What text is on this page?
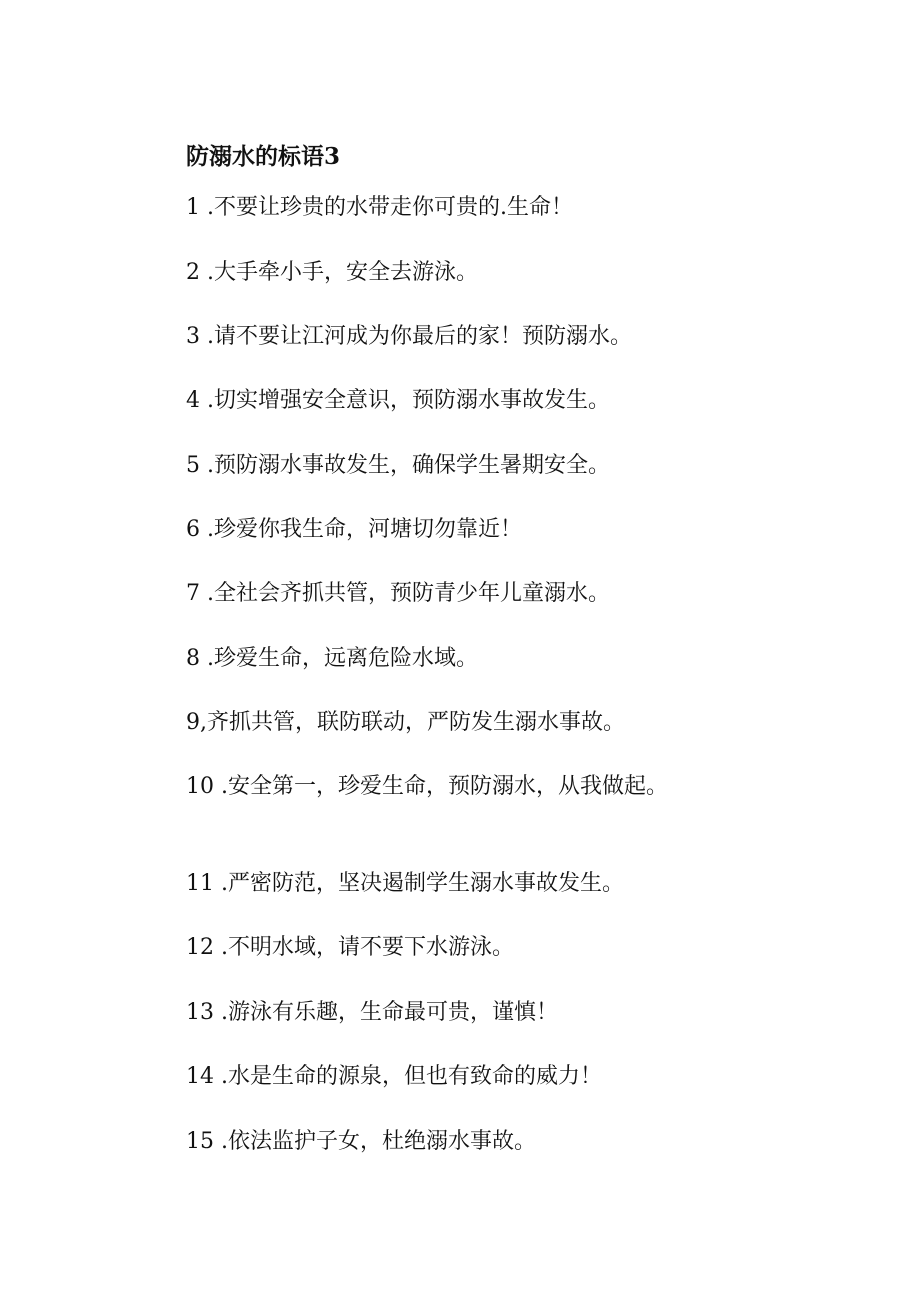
防溺水的标语3
1 .不要让珍贵的水带走你可贵的.生命！
2 .大手牵小手，安全去游泳。
3 .请不要让江河成为你最后的家！预防溺水。
4 .切实增强安全意识，预防溺水事故发生。
5 .预防溺水事故发生，确保学生暑期安全。
6 .珍爱你我生命，河塘切勿靠近！
7 .全社会齐抓共管，预防青少年儿童溺水。
8 .珍爱生命，远离危险水域。
9,齐抓共管，联防联动，严防发生溺水事故。
10 .安全第一，珍爱生命，预防溺水，从我做起。
11 .严密防范，坚决遏制学生溺水事故发生。
12 .不明水域，请不要下水游泳。
13 .游泳有乐趣，生命最可贵，谨慎！
14 .水是生命的源泉，但也有致命的威力！
15 .依法监护子女，杜绝溺水事故。
